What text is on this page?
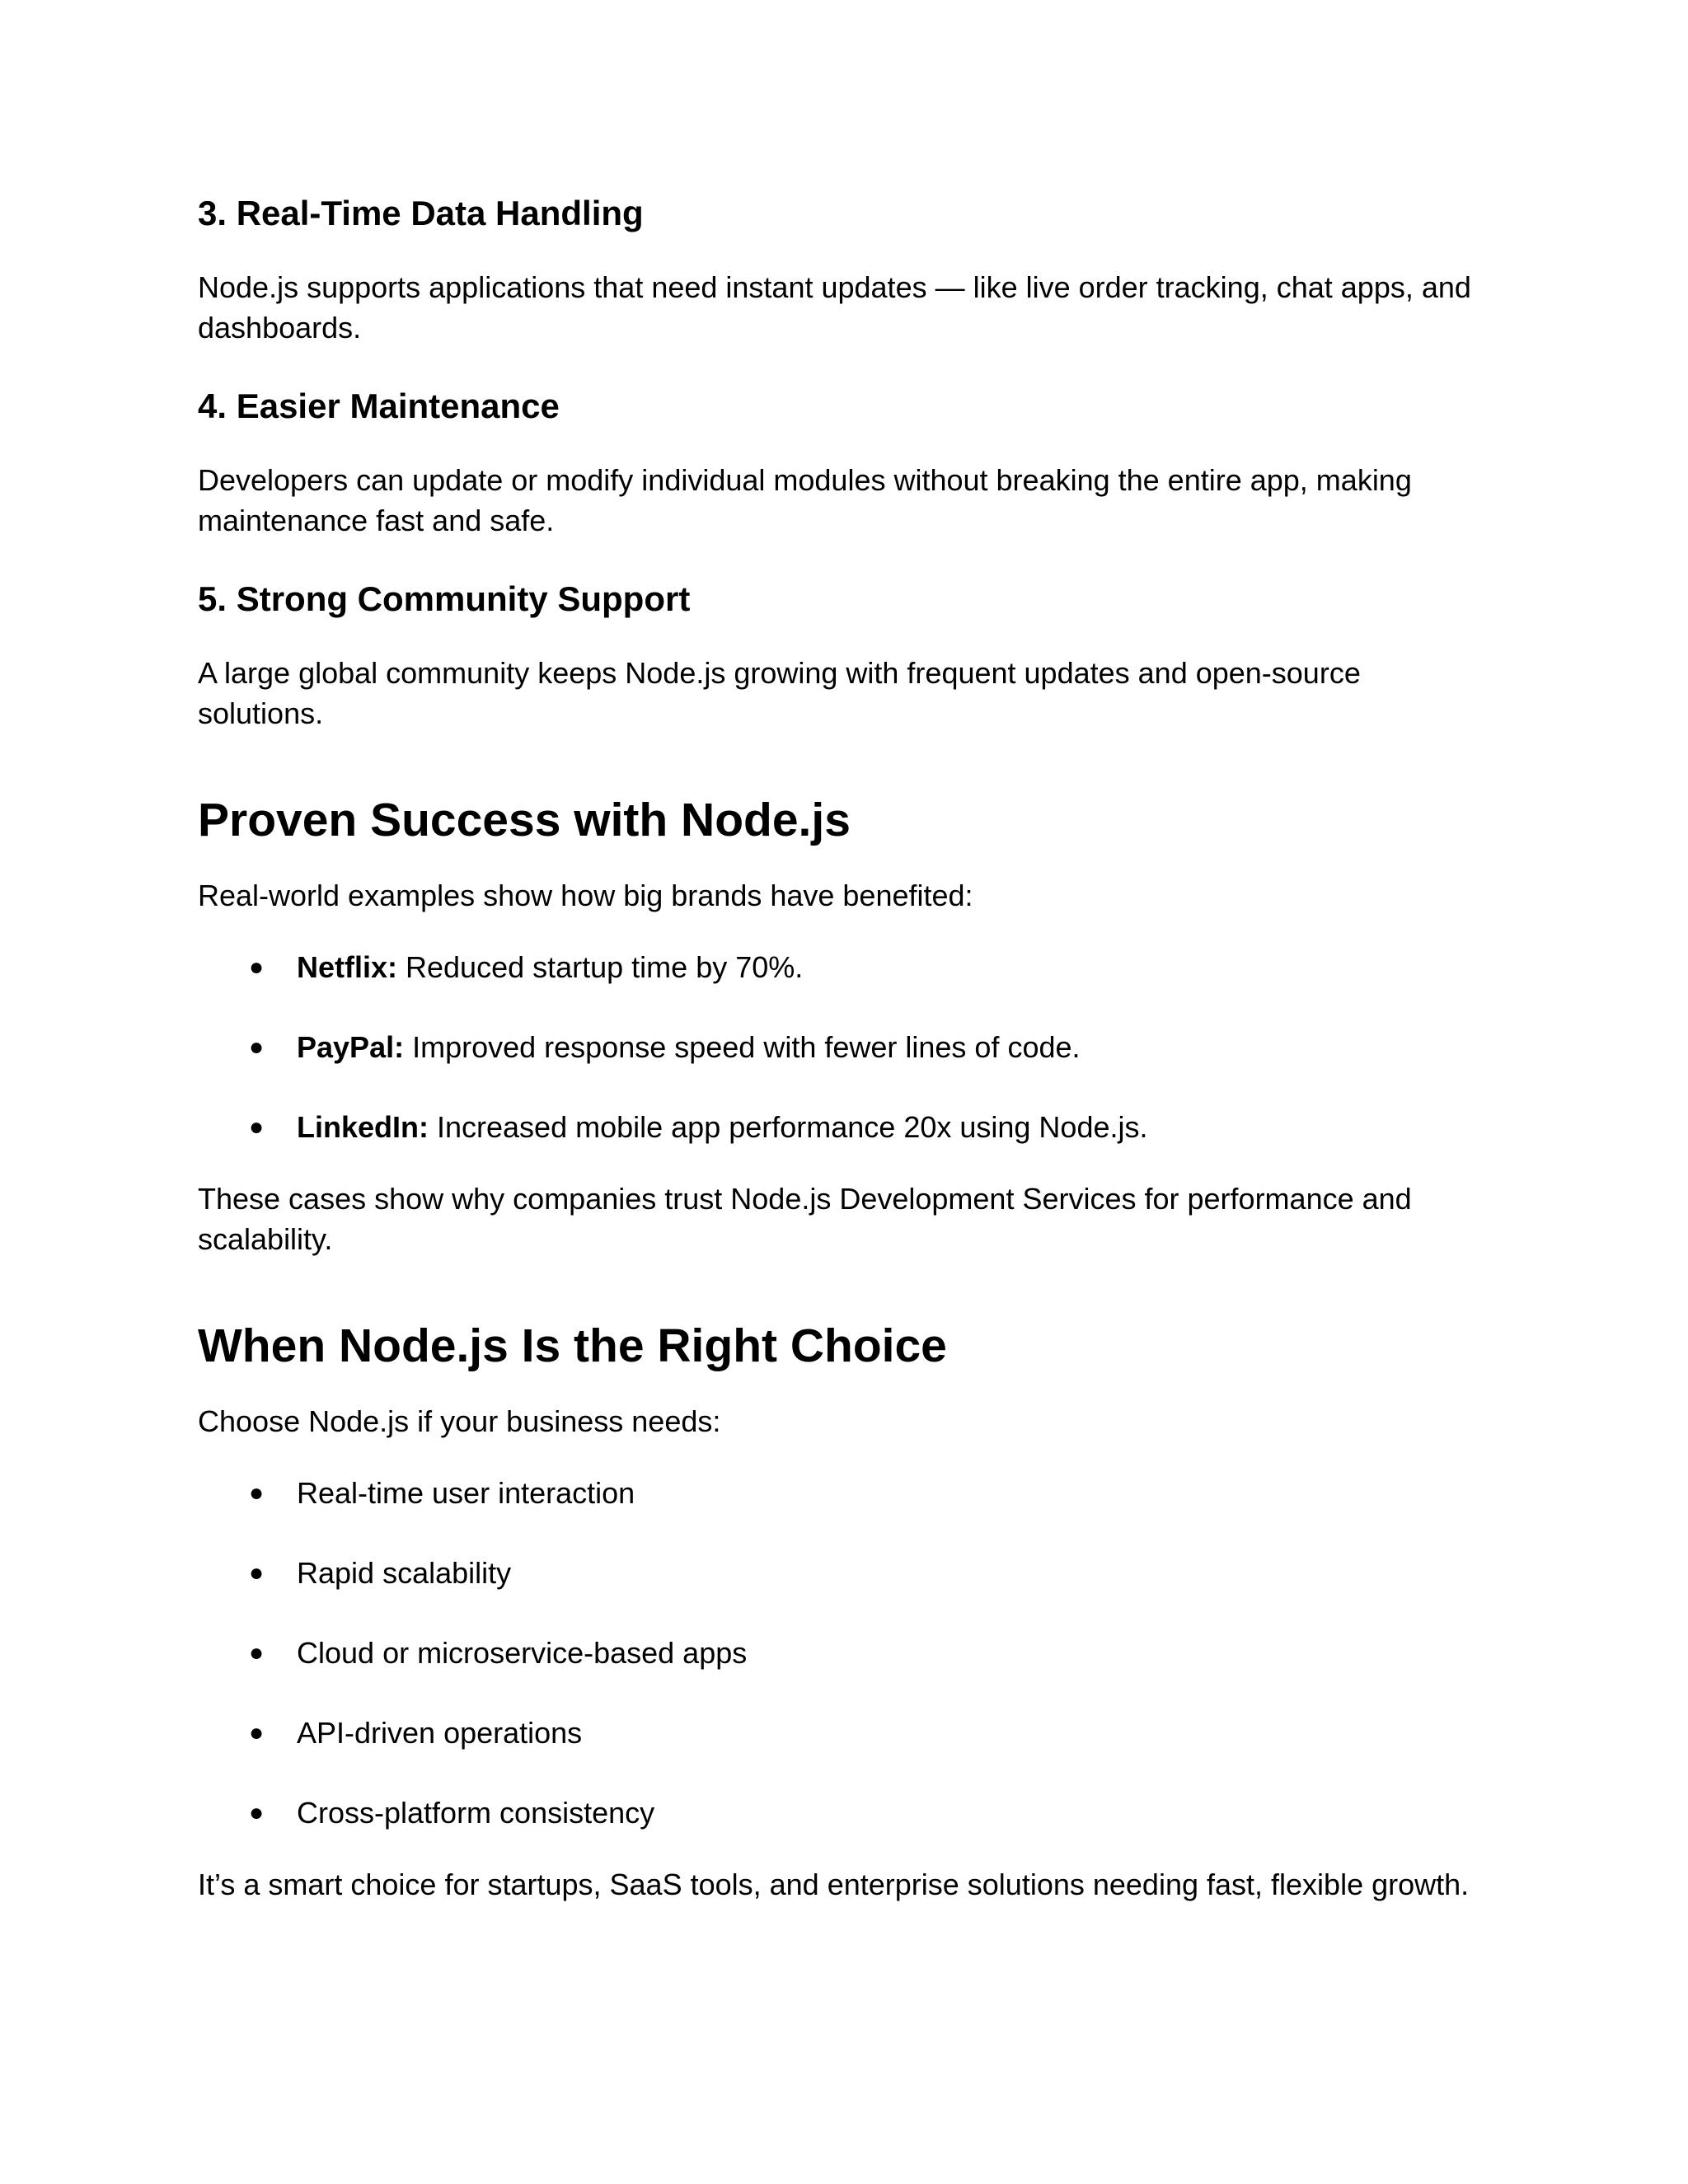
3. Real-Time Data Handling

Node.js supports applications that need instant updates — like live order tracking, chat apps, and dashboards.

4. Easier Maintenance

Developers can update or modify individual modules without breaking the entire app, making maintenance fast and safe.

5. Strong Community Support

A large global community keeps Node.js growing with frequent updates and open-source solutions.

Proven Success with Node.js

Real-world examples show how big brands have benefited:

● Netflix: Reduced startup time by 70%.
● PayPal: Improved response speed with fewer lines of code.
● LinkedIn: Increased mobile app performance 20x using Node.js.

These cases show why companies trust Node.js Development Services for performance and scalability.

When Node.js Is the Right Choice

Choose Node.js if your business needs:

● Real-time user interaction
● Rapid scalability
● Cloud or microservice-based apps
● API-driven operations
● Cross-platform consistency

It’s a smart choice for startups, SaaS tools, and enterprise solutions needing fast, flexible growth.
